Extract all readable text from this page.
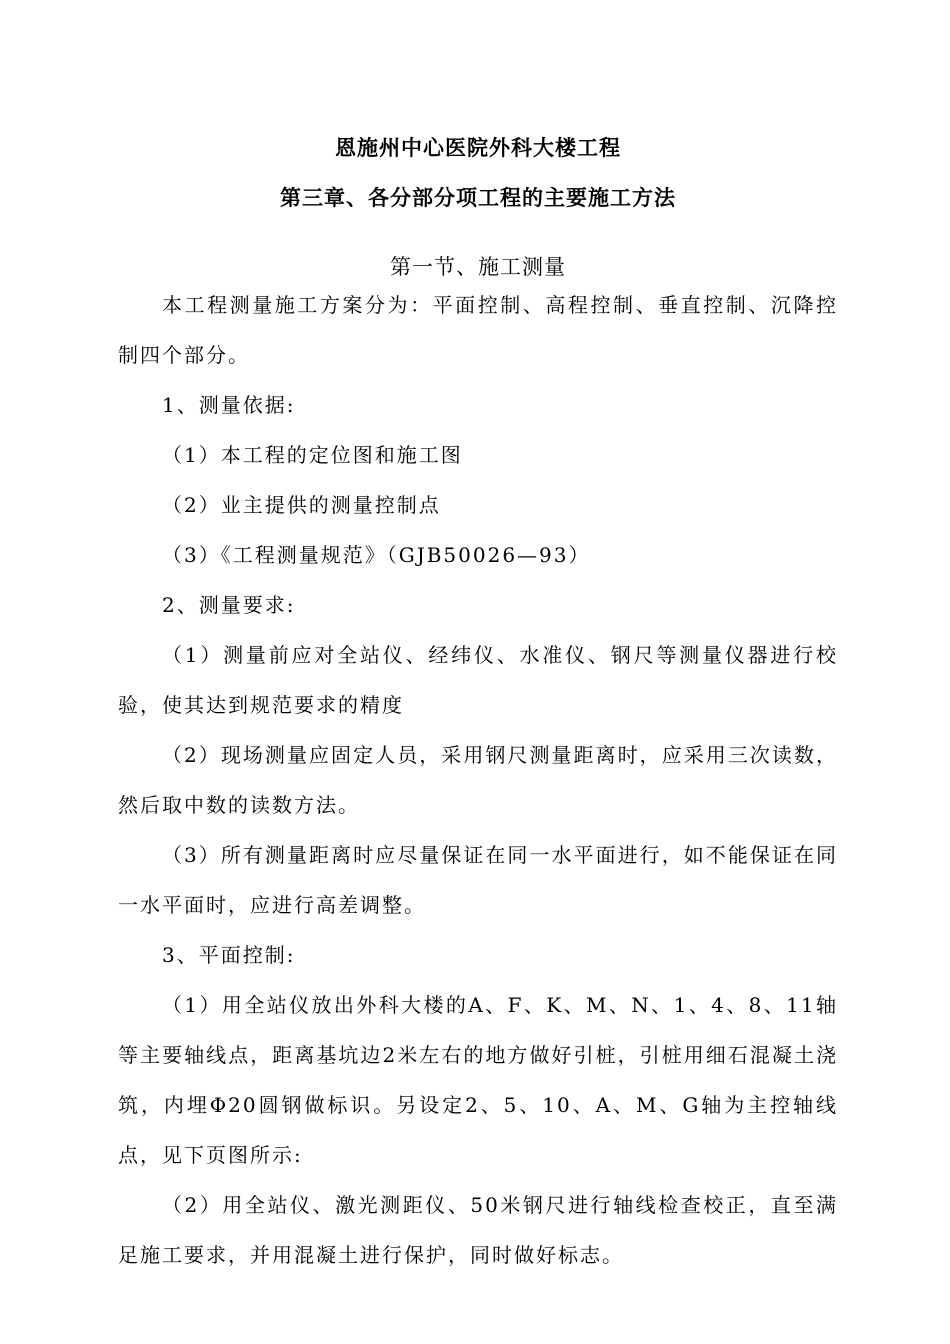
恩施州中心医院外科大楼工程
第三章、各分部分项工程的主要施工方法
第一节、施工测量

本工程测量施工方案分为：平面控制、高程控制、垂直控制、沉降控制四个部分。

1、测量依据:

（1）本工程的定位图和施工图

（2）业主提供的测量控制点

（3）《工程测量规范》（GJB50026—93）

2、测量要求:

（1）测量前应对全站仪、经纬仪、水准仪、钢尺等测量仪器进行校验，使其达到规范要求的精度

（2）现场测量应固定人员，采用钢尺测量距离时，应采用三次读数，然后取中数的读数方法。

（3）所有测量距离时应尽量保证在同一水平面进行，如不能保证在同一水平面时，应进行高差调整。

3、平面控制:

（1）用全站仪放出外科大楼的A、F、K、M、N、1、4、8、11轴等主要轴线点，距离基坑边2米左右的地方做好引桩，引桩用细石混凝土浇筑，内埋Φ20圆钢做标识。另设定2、5、10、A、M、G轴为主控轴线点，见下页图所示:

（2）用全站仪、激光测距仪、50米钢尺进行轴线检查校正，直至满足施工要求，并用混凝土进行保护，同时做好标志。
